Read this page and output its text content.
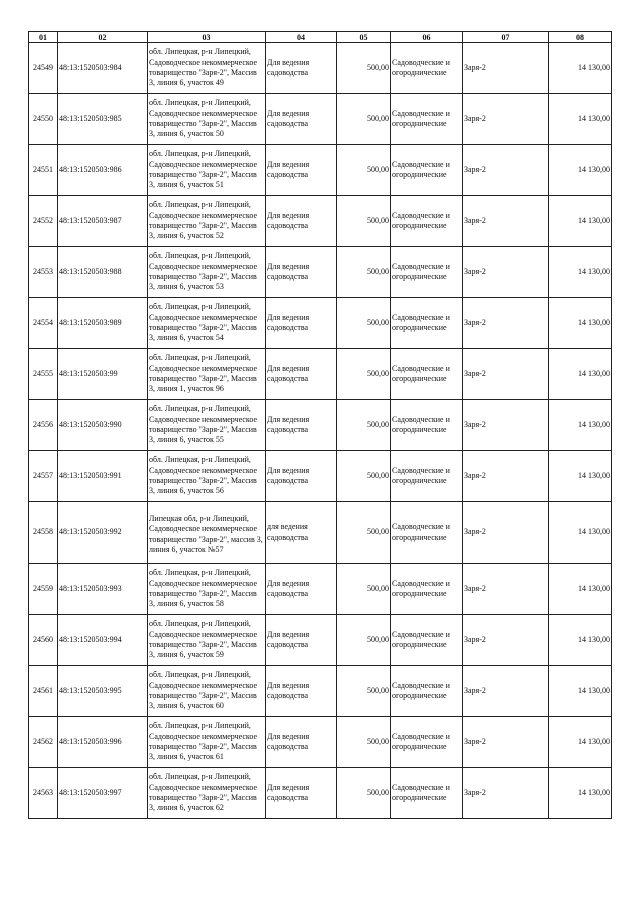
01	02	03	04	05	06	07	08
24549	48:13:1520503:984	обл. Липецкая, р-н Липецкий, Садоводческое некоммерческое товарищество "Заря-2", Массив 3, линия 6, участок 49	Для ведения садоводства	500,00	Садоводческие и огороднические	Заря-2	14 130,00
24550	48:13:1520503:985	обл. Липецкая, р-н Липецкий, Садоводческое некоммерческое товарищество "Заря-2", Массив 3, линия 6, участок 50	Для ведения садоводства	500,00	Садоводческие и огороднические	Заря-2	14 130,00
24551	48:13:1520503:986	обл. Липецкая, р-н Липецкий, Садоводческое некоммерческое товарищество "Заря-2", Массив 3, линия 6, участок 51	Для ведения садоводства	500,00	Садоводческие и огороднические	Заря-2	14 130,00
24552	48:13:1520503:987	обл. Липецкая, р-н Липецкий, Садоводческое некоммерческое товарищество "Заря-2", Массив 3, линия 6, участок 52	Для ведения садоводства	500,00	Садоводческие и огороднические	Заря-2	14 130,00
24553	48:13:1520503:988	обл. Липецкая, р-н Липецкий, Садоводческое некоммерческое товарищество "Заря-2", Массив 3, линия 6, участок 53	Для ведения садоводства	500,00	Садоводческие и огороднические	Заря-2	14 130,00
24554	48:13:1520503:989	обл. Липецкая, р-н Липецкий, Садоводческое некоммерческое товарищество "Заря-2", Массив 3, линия 6, участок 54	Для ведения садоводства	500,00	Садоводческие и огороднические	Заря-2	14 130,00
24555	48:13:1520503:99	обл. Липецкая, р-н Липецкий, Садоводческое некоммерческое товарищество "Заря-2", Массив 3, линия 1, участок 96	Для ведения садоводства	500,00	Садоводческие и огороднические	Заря-2	14 130,00
24556	48:13:1520503:990	обл. Липецкая, р-н Липецкий, Садоводческое некоммерческое товарищество "Заря-2", Массив 3, линия 6, участок 55	Для ведения садоводства	500,00	Садоводческие и огороднические	Заря-2	14 130,00
24557	48:13:1520503:991	обл. Липецкая, р-н Липецкий, Садоводческое некоммерческое товарищество "Заря-2", Массив 3, линия 6, участок 56	Для ведения садоводства	500,00	Садоводческие и огороднические	Заря-2	14 130,00
24558	48:13:1520503:992	Липецкая обл, р-н Липецкий, Садоводческое некоммерческое товарищество "Заря-2", массив 3, линия 6, участок №57	для ведения садоводства	500,00	Садоводческие и огороднические	Заря-2	14 130,00
24559	48:13:1520503:993	обл. Липецкая, р-н Липецкий, Садоводческое некоммерческое товарищество "Заря-2", Массив 3, линия 6, участок 58	Для ведения садоводства	500,00	Садоводческие и огороднические	Заря-2	14 130,00
24560	48:13:1520503:994	обл. Липецкая, р-н Липецкий, Садоводческое некоммерческое товарищество "Заря-2", Массив 3, линия 6, участок 59	Для ведения садоводства	500,00	Садоводческие и огороднические	Заря-2	14 130,00
24561	48:13:1520503:995	обл. Липецкая, р-н Липецкий, Садоводческое некоммерческое товарищество "Заря-2", Массив 3, линия 6, участок 60	Для ведения садоводства	500,00	Садоводческие и огороднические	Заря-2	14 130,00
24562	48:13:1520503:996	обл. Липецкая, р-н Липецкий, Садоводческое некоммерческое товарищество "Заря-2", Массив 3, линия 6, участок 61	Для ведения садоводства	500,00	Садоводческие и огороднические	Заря-2	14 130,00
24563	48:13:1520503:997	обл. Липецкая, р-н Липецкий, Садоводческое некоммерческое товарищество "Заря-2", Массив 3, линия 6, участок 62	Для ведения садоводства	500,00	Садоводческие и огороднические	Заря-2	14 130,00
